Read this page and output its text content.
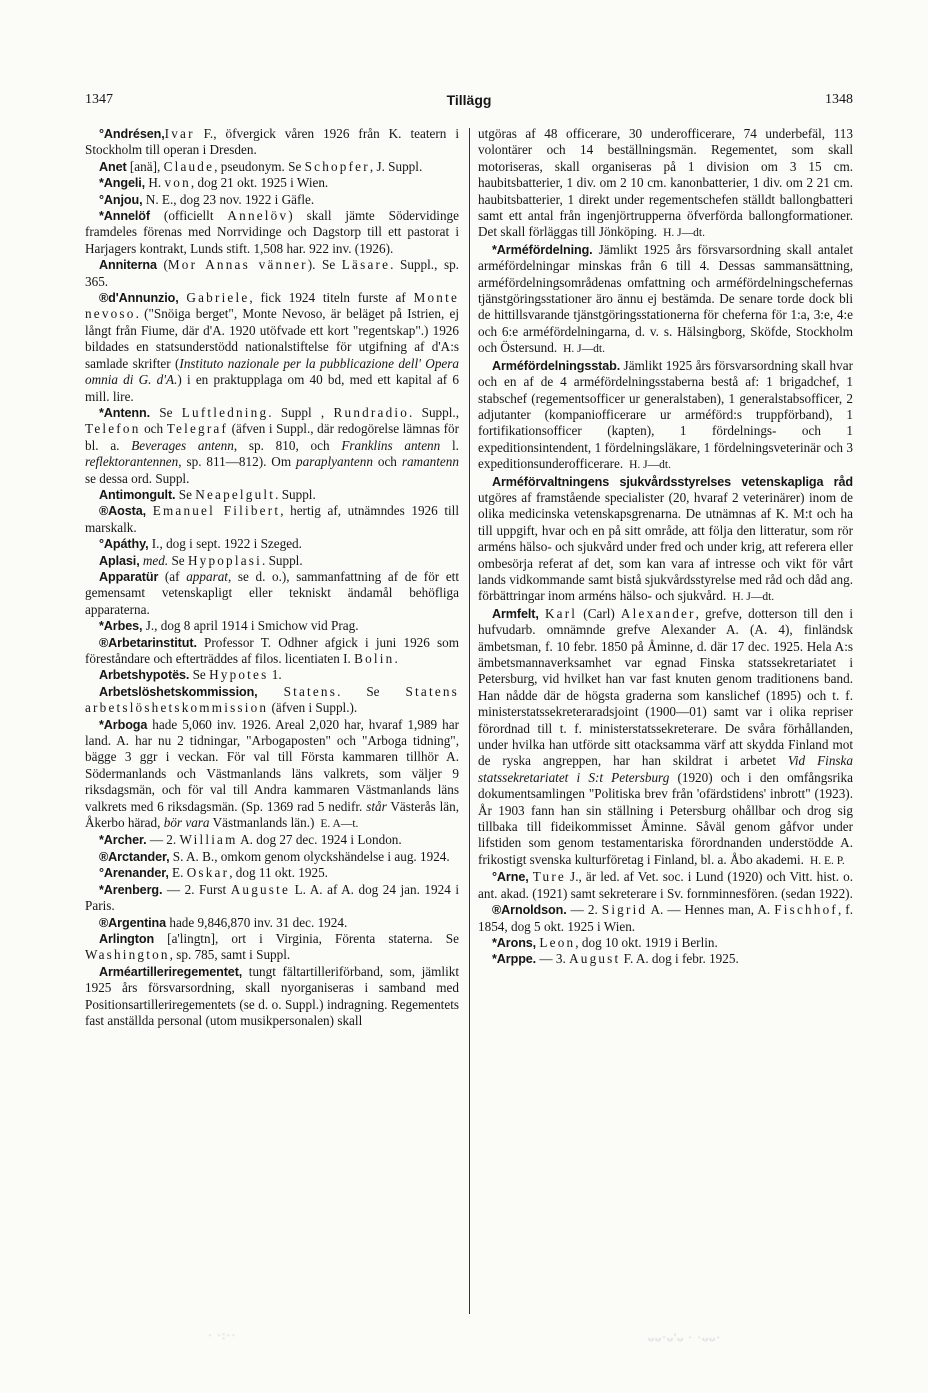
1347	Tillägg	1348

°Andrésen,Ivar F., öfvergick våren 1926 från K. teatern i Stockholm till operan i Dresden.

Anet [anä], Claude, pseudonym. Se Schopfer, J. Suppl.

*Angeli, H. von, dog 21 okt. 1925 i Wien.

°Anjou, N. E., dog 23 nov. 1922 i Gäfle.

*Annelöf (officiellt Annelöv) skall jämte Södervidinge framdeles förenas med Norrvidinge och Dagstorp till ett pastorat i Harjagers kontrakt, Lunds stift. 1,508 har. 922 inv. (1926).

Anniterna (Mor Annas vänner). Se Läsare. Suppl., sp. 365.

®d'Annunzio, Gabriele, fick 1924 titeln furste af Monte nevoso. ("Snöiga berget", Monte Nevoso, är beläget på Istrien, ej långt från Fiume, där d'A. 1920 utöfvade ett kort "regentskap".) 1926 bildades en statsunderstödd nationalstiftelse för utgifning af d'A:s samlade skrifter (Instituto nazionale per la pubblicazione dell' Opera omnia di G. d'A.) i en praktupplaga om 40 bd, med ett kapital af 6 mill. lire.

*Antenn. Se Luftledning. Suppl , Rundradio. Suppl., Telefon och Telegraf (äfven i Suppl., där redogörelse lämnas för bl. a. Beverages antenn, sp. 810, och Franklins antenn l. reflektorantennen, sp. 811—812). Om paraplyantenn och ramantenn se dessa ord. Suppl.

Antimongult. Se Neapelgult. Suppl.

®Aosta, Emanuel Filibert, hertig af, utnämndes 1926 till marskalk.

°Apáthy, I., dog i sept. 1922 i Szeged.

Aplasi, med. Se Hypoplasi. Suppl.

Apparatür (af apparat, se d. o.), sammanfattning af de för ett gemensamt vetenskapligt eller tekniskt ändamål behöfliga apparaterna.

*Arbes, J., dog 8 april 1914 i Smichow vid Prag.

®Arbetarinstitut. Professor T. Odhner afgick i juni 1926 som föreståndare och efterträddes af filos. licentiaten I. Bolin.

Arbetshypotës. Se Hypotes 1.

Arbetslöshetskommission, Statens. Se Statens arbetslöshetskommission (äfven i Suppl.).

*Arboga hade 5,060 inv. 1926. Areal 2,020 har, hvaraf 1,989 har land. A. har nu 2 tidningar, "Arbogaposten" och "Arboga tidning", bägge 3 ggr i veckan. För val till Första kammaren tillhör A. Södermanlands och Västmanlands läns valkrets, som väljer 9 riksdagsmän, och för val till Andra kammaren Västmanlands läns valkrets med 6 riksdagsmän. (Sp. 1369 rad 5 nedifr. står Västerås län, Åkerbo härad, bör vara Västmanlands län.) E. A—t.

*Archer. — 2. William A. dog 27 dec. 1924 i London.

®Arctander, S. A. B., omkom genom olyckshändelse i aug. 1924.

°Arenander, E. Oskar, dog 11 okt. 1925.

*Arenberg. — 2. Furst Auguste L. A. af A. dog 24 jan. 1924 i Paris.

®Argentina hade 9,846,870 inv. 31 dec. 1924.

Arlington [a'lingtn], ort i Virginia, Förenta staterna. Se Washington, sp. 785, samt i Suppl.

Arméartilleriregementet, tungt fältartilleriförband, som, jämlikt 1925 års försvarsordning, skall nyorganiseras i samband med Positionsartilleriregementets (se d. o. Suppl.) indragning. Regementets fast anställda personal (utom musikpersonalen) skall

utgöras af 48 officerare, 30 underofficerare, 74 underbefäl, 113 volontärer och 14 beställningsmän. Regementet, som skall motoriseras, skall organiseras på 1 division om 3 15 cm. haubitsbatterier, 1 div. om 2 10 cm. kanonbatterier, 1 div. om 2 21 cm. haubitsbatterier, 1 direkt under regementschefen ställdt ballongbatteri samt ett antal från ingenjörtrupperna öfverförda ballongformationer. Det skall förläggas till Jönköping. H. J—dt.

*Arméfördelning. Jämlikt 1925 års försvarsordning skall antalet arméfördelningar minskas från 6 till 4. Dessas sammansättning, arméfördelningsområdenas omfattning och arméfördelningschefernas tjänstgöringsstationer äro ännu ej bestämda. De senare torde dock bli de hittillsvarande tjänstgöringsstationerna för cheferna för 1:a, 3:e, 4:e och 6:e arméfördelningarna, d. v. s. Hälsingborg, Sköfde, Stockholm och Östersund. H. J—dt.

Arméfördelningsstab. Jämlikt 1925 års försvarsordning skall hvar och en af de 4 arméfördelningsstaberna bestå af: 1 brigadchef, 1 stabschef (regementsofficer ur generalstaben), 1 generalstabsofficer, 2 adjutanter (kompaniofficerare ur arméförd:s truppförband), 1 fortifikationsofficer (kapten), 1 fördelnings- och 1 expeditionsintendent, 1 fördelningsläkare, 1 fördelningsveterinär och 3 expeditionsunderofficerare. H. J—dt.

Arméförvaltningens sjukvårdsstyrelses vetenskapliga råd utgöres af framstående specialister (20, hvaraf 2 veterinärer) inom de olika medicinska vetenskapsgrenarna. De utnämnas af K. M:t och ha till uppgift, hvar och en på sitt område, att följa den litteratur, som rör arméns hälso- och sjukvård under fred och under krig, att referera eller ombesörja referat af det, som kan vara af intresse och vikt för vårt lands vidkommande samt bistå sjukvårdsstyrelse med råd och dåd ang. förbättringar inom arméns hälso- och sjukvård. H. J—dt.

Armfelt, Karl (Carl) Alexander, grefve, dotterson till den i hufvudarb. omnämnde grefve Alexander A. (A. 4), finländsk ämbetsman, f. 10 febr. 1850 på Åminne, d. där 17 dec. 1925. Hela A:s ämbetsmannaverksamhet var egnad Finska statssekretariatet i Petersburg, vid hvilket han var fast knuten genom traditionens band. Han nådde där de högsta graderna som kanslichef (1895) och t. f. ministerstatssekreteraradsjoint (1900—01) samt var i olika repriser förordnad till t. f. ministerstatssekreterare. De svåra förhållanden, under hvilka han utförde sitt otacksamma värf att skydda Finland mot de ryska angreppen, har han skildrat i arbetet Vid Finska statssekretariatet i S:t Petersburg (1920) och i den omfångsrika dokumentsamlingen "Politiska brev från 'ofärdstidens' inbrott" (1923). År 1903 fann han sin ställning i Petersburg ohållbar och drog sig tillbaka till fideikommisset Åminne. Såväl genom gåfvor under lifstiden som genom testamentariska förordnanden understödde A. frikostigt svenska kulturföretag i Finland, bl. a. Åbo akademi. H. E. P.

°Arne, Ture J., är led. af Vet. soc. i Lund (1920) och Vitt. hist. o. ant. akad. (1921) samt sekreterare i Sv. fornminnesfören. (sedan 1922).

®Arnoldson. — 2. Sigrid A. — Hennes man, A. Fischhof, f. 1854, dog 5 okt. 1925 i Wien.

*Arons, Leon, dog 10 okt. 1919 i Berlin.

*Arppe. — 3. August F. A. dog i febr. 1925.

· ·:··	ᴗᴗ·ᴗ'ᴗ · ·ᴗᴗ·
